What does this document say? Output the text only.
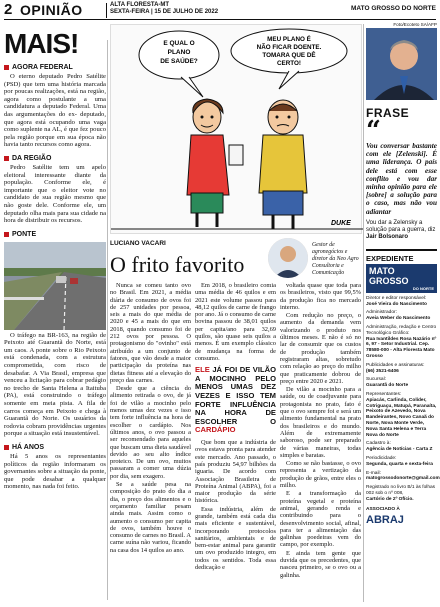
2 OPINIÃO	ALTA FLORESTA-MT
SEXTA-FEIRA | 15 DE JULHO DE 2022	MATO GROSSO DO NORTE
MAIS!
AGORA FEDERAL

O eterno deputado Pedro Satélite (PSD) que tem uma história marcada por poucas realizações, está na região, agora como postulante a uma candidatura a deputado Federal. Uma das argumentações do ex- deputado, que agora está ocupando uma vaga como suplente na AL, é que fez pouco pela região porque em sua época não havia tanto recursos como agora.

DA REGIÃO

Pedro Satélite tem um apelo eleitoral interessante diante da população. Conforme ele, é importante que o eleitor vote no candidato de sua região mesmo que não goste dele. Conforme ele, um deputado olha mais para sua cidade na hora de distribuir os recursos.

PONTE

O tráfego na BR-163, na região de Peixoto até Guarantã do Norte, está um caos. A ponte sobre o Rio Peixoto está condenada, com a estrutura comprometida, com risco de desabafar. A Via Brasil, empresa que venceu a licitação para cobrar pedágio no trecho de Santa Helena a Itaituba (PA), está construindo o tráfego somente em meia pista. A fila de carros começa em Peixoto e chega à Guarantã do Norte. Os usuários da rodovia cobram providências urgentes porque a situação está insustentável.

HÁ ANOS

Há 5 anos os representantes políticos da região informaram os governantes sobre a situação da ponte, que pode desabar a qualquer momento, nas nada foi feito.

E QUAL O
PLANO
DE SAÚDE?
MEU PLANO É
NÃO FICAR DOENTE.
TOMARA QUE DÊ
CERTO!
DUKE
LUCIANO VACARI	Gestor de agronegócios e diretor da Neo Agro Consultoria e Comunicação
O frito favorito

Nunca se comeu tanto ovo no Brasil. Em 2021, a média diária de consumo de ovos foi de 257 unidades por pessoa, seis a mais do que média de 2020 e 45 a mais do que em 2018, quando consumo foi de 212 ovos por pessoa. O protagonismo do "ovinho" está atribuído a um conjunto de fatores, que vão desde a maior participação da proteína nas dietas fitness até a elevação do preço das carnes.

Desde que a ciência do alimento retirada o ovo, de já foi de vilão a mocinho pelo menos umas dez vezes e isso tem forte influência na hora de escolher o cardápio. Nos últimos anos, o ovo passou a ser recomendado para aqueles que buscam uma dieta saudável devido ao seu alto índice proteico. De um ovo, muitos passaram a comer uma dúzia por dia, sem exagero.

Se a saúde pesa na composição do prato do dia a dia, o preço dos alimentos e o orçamento familiar pesam ainda mais. Assim como o aumento o consumo per capita de ovos, também houve o consumo de carnes no Brasil. A carne suína não variou, ficando na casa dos 14 quilos ao ano.

Em 2018, o brasileiro comia uma média de 46 quilos e em 2021 este volume passou para 48,12 quilos de carne de frango por ano. Já o consumo de carne bovina passou de 38,01 quilos per capita/ano para 32,69 quilos, são quase seis quilos a menos. É um exemplo clássico de mudança na forma de consumo.

ELE JÁ FOI DE VILÃO A MOCINHO PELO MENOS UMAS DEZ VEZES E ISSO TEM FORTE INFLUÊNCIA NA HORA DE ESCOLHER O CARDÁPIO

Que bom que a indústria de ovos estava pronta para atender este mercado. Ano passado, o país produziu 54,97 bilhões da iguaria. De acordo com Associação Brasileira de Proteína Animal (ABPA), foi a maior produção da série histórica.

Essa indústria, além de grande, também está cada dia mais eficiente e sustentável, incorporando protocolos sanitários, ambientais e de bem-estar animal para garantir um ovo produzido integro, em todos os sentidos. Toda essa dedicação e

voltada quase que toda para os brasileiros, visto que 99,5% da produção fica no mercado interno.

Com redução no preço, o aumento da demanda vem valorizando o produto nos últimos meses. E não é só no lar de consumir que os custos de produção também registraram altas, sobretudo com relação ao preço do milho que praticamente dobrou de preço entre 2020 e 2021.

De vilão a mocinho para a saúde, ou de coadjuvante para protagonista no prato, fato é que o ovo sempre foi e será um alimento fundamental na prato dos brasileiros e do mundo. Além de extremamente saboroso, pode ser preparado de várias maneiras, todas simples e baratas.

Como se não bastasse, o ovo representa a vertização da produção de grãos, entre eles o milho.

E a transformação da proteína vegetal e proteína animal, gerando renda e contribuindo para o desenvolvimento social, afinal, para ter a alimentação das galinhas poedeiras vem do campo, por exemplo.

E ainda tem gente que duvida que os precedentes, que nasceu primeiro, se o ovo ou a galinha.

Foto/Ecoteto SA/AFP
FRASE
“

Vou conversar bastante com ele [Zelenski]. É uma liderança. O país dele está com esse conflito e vou dar minha opinião para ele [sobre] a solução para o caso, mas não vou adiantar

Vou dar a Zelensky a solução para a guerra, diz Jair Bolsonaro
EXPEDIENTE
MATO GROSSO
DO NORTE
Diretor e editor responsável:
José Vieira do Nascimento
Administrador:
Aveia Weber do Nascimento
Administração, redação e Centro Tecnológico Gráfico:
Rua Ivantildes Rosa Nazário nº 6, 97 - Setor Industrial. Cep. 78580-000 - Alta Floresta Mato Grosso
Publicidades e assinaturas:
(66) 3521-6406
Sucursal:
Guarantã do Norte
Representantes:
Apiacás, Carlinda, Colíder, Cotriguaçu, Matupá, Paranaíta, Peixoto de Azevedo, Nova Bandeirantes, Novo Canaã do Norte, Nova Monte Verde, Nova Santa Helena e Terra Nova do Norte
Cadastro à:
Agência de Notícias - Carta Z
Periodicidade:
Segunda, quarta e sexta-feira
E-mail:
matogrossodonorte@gmail.com
Registrado no livro B/1 às folhas 002 sob o nº 008,
Cartório de 2º Ofício.
ASSOCIADO À
ABRAJ
